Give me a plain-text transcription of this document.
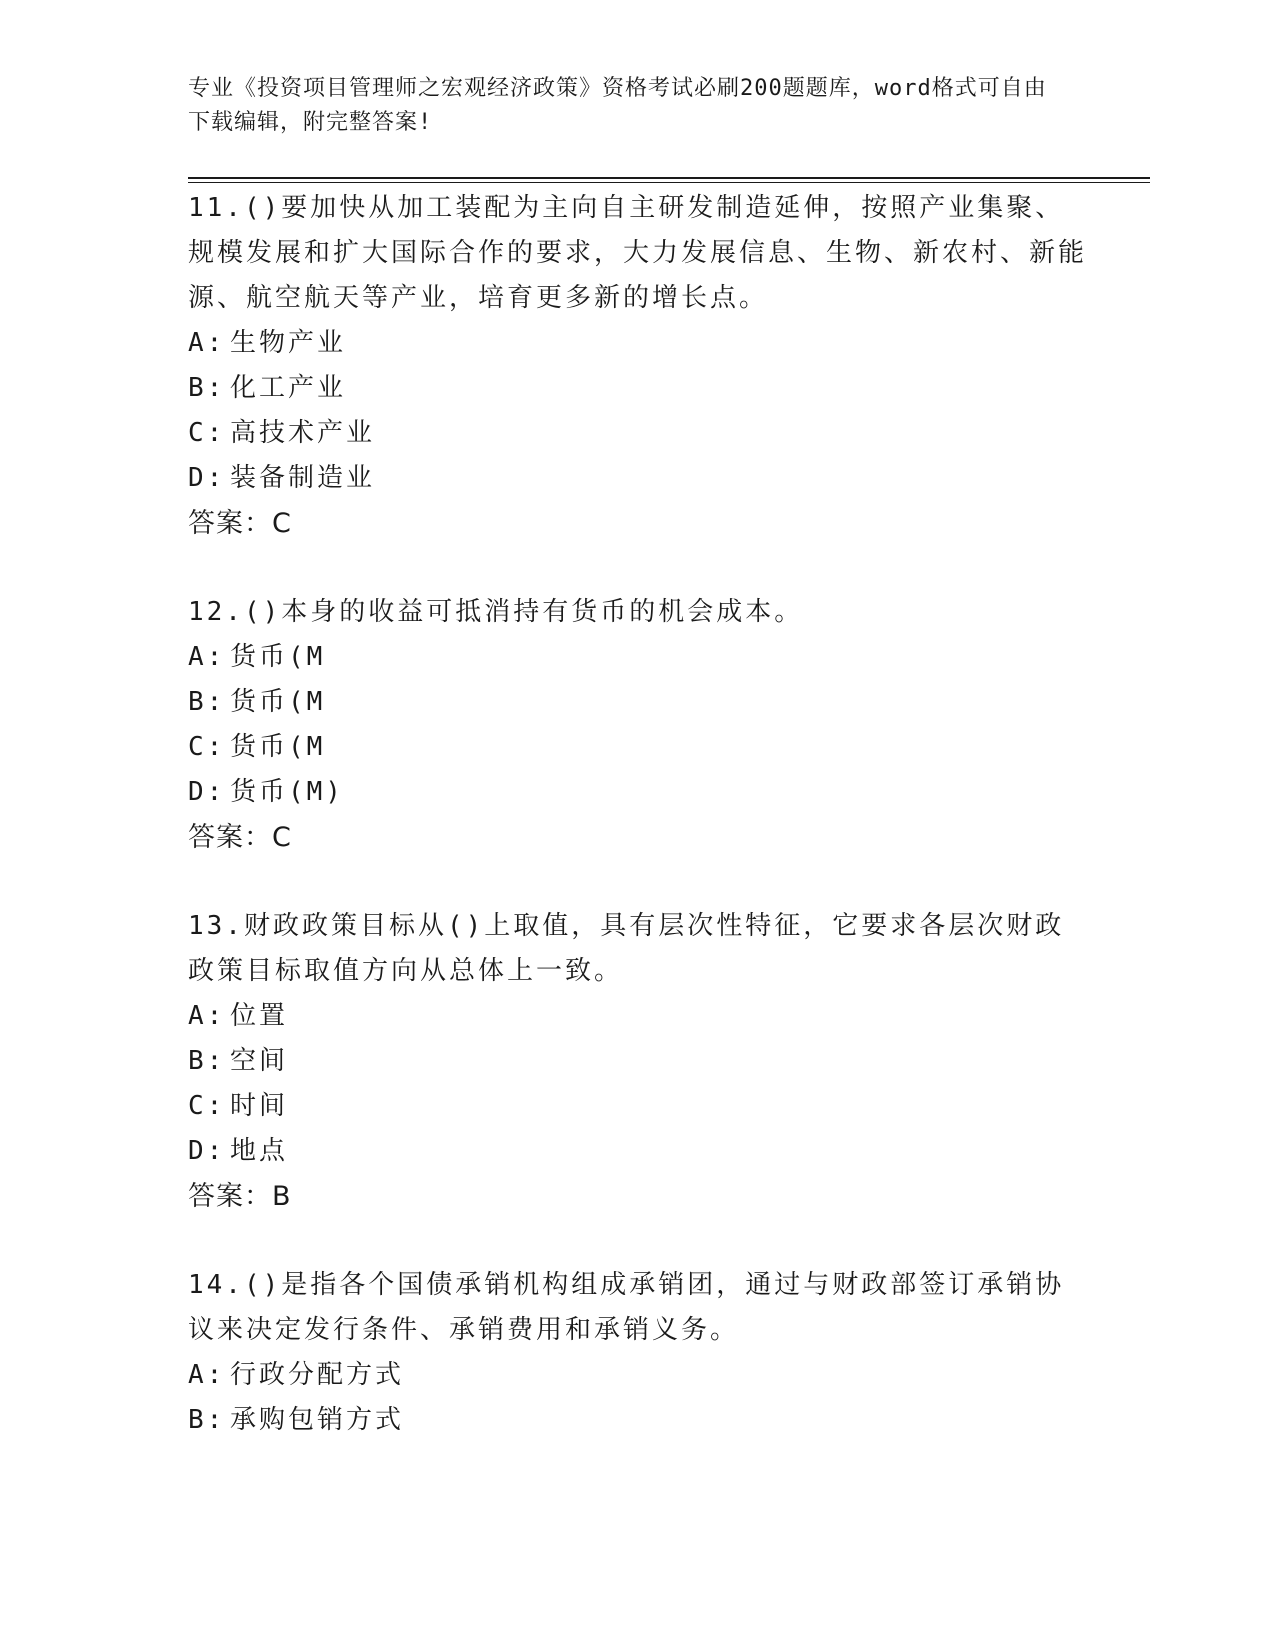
专业《投资项目管理师之宏观经济政策》资格考试必刷200题题库，word格式可自由下载编辑，附完整答案!

11.()要加快从加工装配为主向自主研发制造延伸，按照产业集聚、规模发展和扩大国际合作的要求，大力发展信息、生物、新农村、新能源、航空航天等产业，培育更多新的增长点。

A: 生物产业
B: 化工产业
C: 高技术产业
D: 装备制造业
答案：C

12.()本身的收益可抵消持有货币的机会成本。

A: 货币(M
B: 货币(M
C: 货币(M
D: 货币(M)
答案：C

13.财政政策目标从()上取值，具有层次性特征，它要求各层次财政政策目标取值方向从总体上一致。

A: 位置
B: 空间
C: 时间
D: 地点
答案：B

14.()是指各个国债承销机构组成承销团，通过与财政部签订承销协议来决定发行条件、承销费用和承销义务。

A: 行政分配方式
B: 承购包销方式
